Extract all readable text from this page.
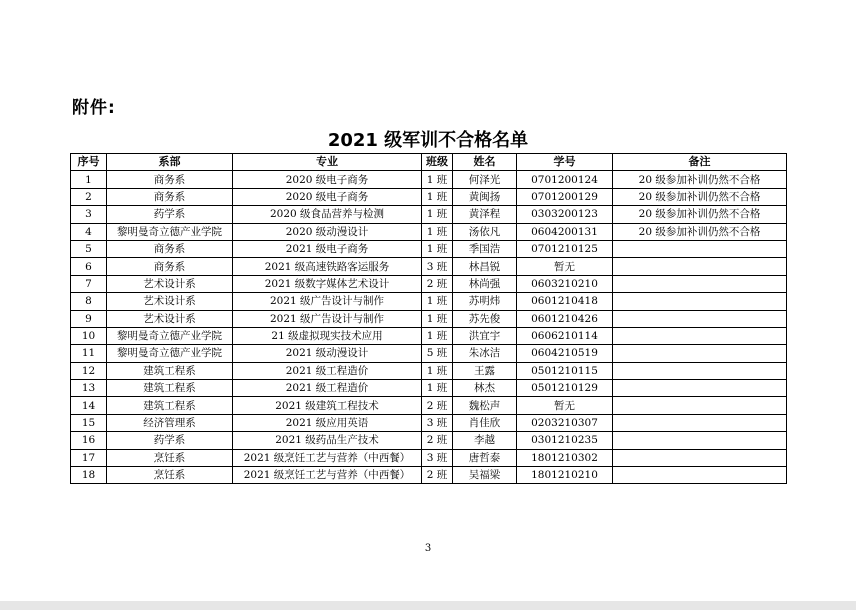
附件:
2021 级军训不合格名单
序号	系部	专业	班级	姓名	学号	备注
1	商务系	2020 级电子商务	1 班	何泽光	0701200124	20 级参加补训仍然不合格
2	商务系	2020 级电子商务	1 班	黄闽扬	0701200129	20 级参加补训仍然不合格
3	药学系	2020 级食品营养与检测	1 班	黄泽程	0303200123	20 级参加补训仍然不合格
4	黎明曼奇立德产业学院	2020 级动漫设计	1 班	汤依凡	0604200131	20 级参加补训仍然不合格
5	商务系	2021 级电子商务	1 班	季国浩	0701210125	
6	商务系	2021 级高速铁路客运服务	3 班	林昌锐	暂无	
7	艺术设计系	2021 级数字媒体艺术设计	2 班	林尚强	0603210210	
8	艺术设计系	2021 级广告设计与制作	1 班	苏明炜	0601210418	
9	艺术设计系	2021 级广告设计与制作	1 班	苏先俊	0601210426	
10	黎明曼奇立德产业学院	21 级虚拟现实技术应用	1 班	洪宜宇	0606210114	
11	黎明曼奇立德产业学院	2021 级动漫设计	5 班	朱冰洁	0604210519	
12	建筑工程系	2021 级工程造价	1 班	王露	0501210115	
13	建筑工程系	2021 级工程造价	1 班	林杰	0501210129	
14	建筑工程系	2021 级建筑工程技术	2 班	魏松声	暂无	
15	经济管理系	2021 级应用英语	3 班	肖佳欣	0203210307	
16	药学系	2021 级药品生产技术	2 班	李越	0301210235	
17	烹饪系	2021 级烹饪工艺与营养（中西餐）	3 班	唐哲泰	1801210302	
18	烹饪系	2021 级烹饪工艺与营养（中西餐）	2 班	吴福梁	1801210210	
3
